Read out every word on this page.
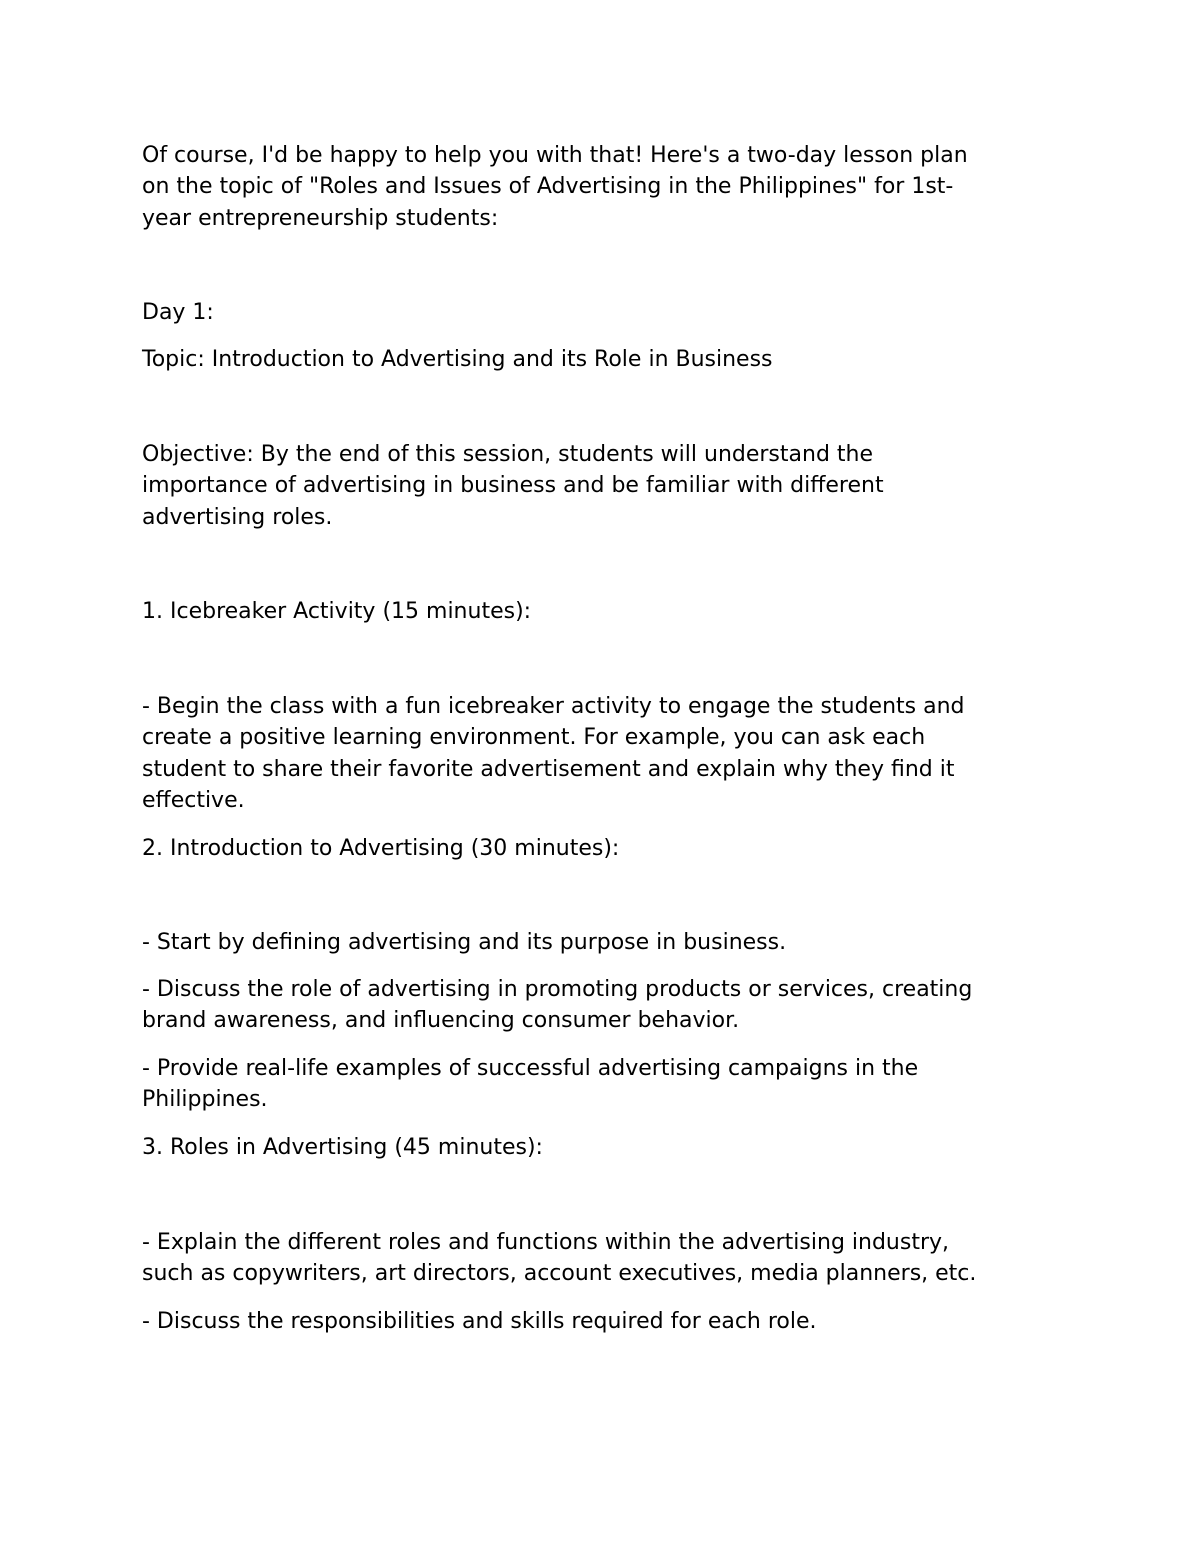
Of course, I'd be happy to help you with that! Here's a two-day lesson plan
on the topic of "Roles and Issues of Advertising in the Philippines" for 1st-
year entrepreneurship students:

Day 1:

Topic: Introduction to Advertising and its Role in Business

Objective: By the end of this session, students will understand the
importance of advertising in business and be familiar with different
advertising roles.

1. Icebreaker Activity (15 minutes):

- Begin the class with a fun icebreaker activity to engage the students and
create a positive learning environment. For example, you can ask each
student to share their favorite advertisement and explain why they find it
effective.

2. Introduction to Advertising (30 minutes):

- Start by defining advertising and its purpose in business.

- Discuss the role of advertising in promoting products or services, creating
brand awareness, and influencing consumer behavior.

- Provide real-life examples of successful advertising campaigns in the
Philippines.

3. Roles in Advertising (45 minutes):

- Explain the different roles and functions within the advertising industry,
such as copywriters, art directors, account executives, media planners, etc.

- Discuss the responsibilities and skills required for each role.
